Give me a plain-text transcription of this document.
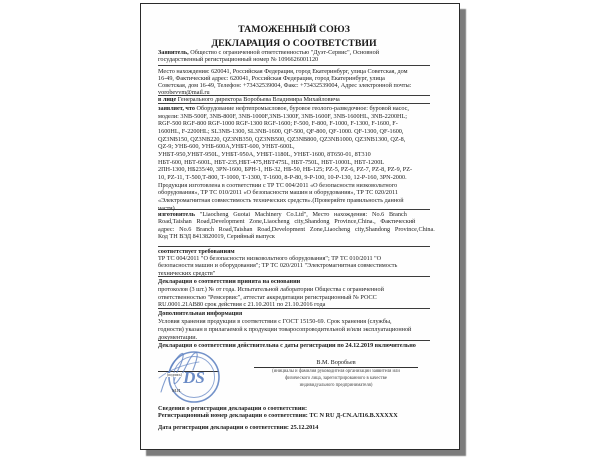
ТАМОЖЕННЫЙ СОЮЗ
ДЕКЛАРАЦИЯ О СООТВЕТСТВИИ
Заявитель, Общество с ограниченной ответственностью "Дуэт-Сервис", Основной
государственный регистрационный номер № 1096626001120
Место нахождения: 620041, Российская Федерация, город Екатеринбург, улица Советская, дом
16-49, Фактический адрес: 620041, Российская Федерация, город Екатеринбург, улица
Советская, дом 16-49, Телефон: +73432539004, Факс: +73432539004, Адрес электронной почты:
vorobevvm@mail.ru
в лице Генерального директора Воробьева Владимира Михайловича
заявляет, что Оборудование нефтепромысловое, буровое геолого-разведочное: буровой насос,
модели: 3NB-500F, 3NB-800F, 3NB-1000F,3NB-1300F, 3NB-1600F, 3NB-1600HL, 3NB-2200HL;
RGF-500 RGF-800 RGF-1000 RGF-1300 RGF-1600; F-500, F-800, F-1000, F-1300, F-1600, F-
1600HL, F-2200HL; SL3NB-1300, SL3NB-1600, QF-500, QF-800, QF-1000. QF-1300, QF-1600,
QZ3NB150, QZ3NB220, QZ3NB350, QZ3NB500, QZ3NB800, QZ3NB1000, QZ3NB1300, QZ-8,
QZ-9; УНБ-600, УНБ-600А,УНБТ-600, УНБТ-600L,
УНБТ-950,УНБТ-950L, УНБТ-950А, УНБТ-1180L, УНБТ-1600, 8Т650-01, 8Т310
НБТ-600, НБТ-600L, НБТ-235,НБТ-475,НБТ475L, НБТ-750L, НБТ-1000L, НБТ-1200L
2ПН-1300, НБ235/40, 3PN-1600, БРН-1, НБ-32, НБ-50, НБ-125; PZ-5, PZ-6, PZ-7, PZ-8, PZ-9, PZ-
10, PZ-11, Т-500,Т-800, Т-1000, Т-1300, Т-1600, 8-P-80, 9-P-100, 10-P-130, 12-P-160, 3PN-2000.
Продукция изготовлена в соответствии с ТР ТС 004/2011 «О безопасности низковольтного
оборудования», ТР ТС 010/2011 «О безопасности машин и оборудования», ТР ТС 020/2011
«Электромагнитная совместимость технических средств».(Проверяйте правильность данной
части)
изготовитель "Liaocheng Guotai Machinery Co.Ltd", Место нахождения: No.6 Branch
Road,Taishan Road,Development Zone,Liaocheng city,Shandong Province,China., Фактический
адрес: No.6 Branch Road,Taishan Road,Development Zone,Liaocheng city,Shandong Province,China.
Код ТН ВЭД 8413820019, Серийный выпуск
соответствует требованиям
ТР ТС 004/2011 "О безопасности низковольтного оборудования"; ТР ТС 010/2011 "О
безопасности машин и оборудования"; ТР ТС 020/2011 "Электромагнитная совместимость
технических средств"
Декларация о соответствии принята на основании
протоколов (3 шт.) № от года. Испытательной лаборатории Общества с ограниченной
ответственностью "Ремсервис", аттестат аккредитации регистрационный № РОСС
RU.0001.21АВ80 срок действия с 21.10.2011 по 21.10.2016 года
Дополнительная информация
Условия хранения продукции в соответствии с ГОСТ 15150-69. Срок хранения (службы,
годности) указан в прилагаемой к продукции товаросопроводительной и/или эксплуатационной
документации.
Декларация о соответствии действительна с даты регистрации по 24.12.2019 включительно
DS
(подпись)
М.П.
В.М. Воробьев
(инициалы и фамилия руководителя организации заявителя или
физического лица, зарегистрированного в качестве
индивидуального предпринимателя)
Сведения о регистрации декларации о соответствии:
Регистрационный номер декларации о соответствии: ТС N RU Д-CN.АЛ16.В.XXXXX
Дата регистрации декларации о соответствии: 25.12.2014
